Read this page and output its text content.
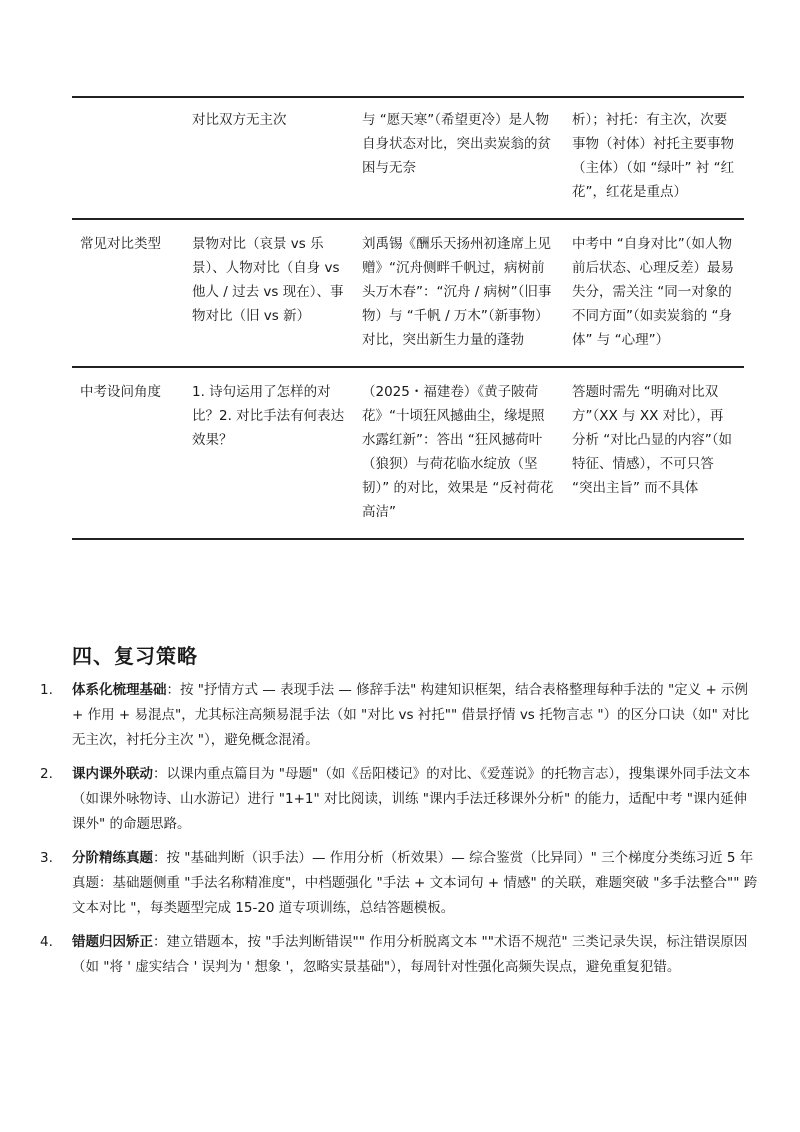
	对比双方无主次	与 “愿天寒”（希望更冷）是人物自身状态对比，突出卖炭翁的贫困与无奈	析）；衬托：有主次，次要事物（衬体）衬托主要事物（主体）（如 “绿叶” 衬 “红花”，红花是重点）
常见对比类型	景物对比（哀景 vs 乐景）、人物对比（自身 vs 他人 / 过去 vs 现在）、事物对比（旧 vs 新）	刘禹锡《酬乐天扬州初逢席上见赠》“沉舟侧畔千帆过，病树前头万木春”：“沉舟 / 病树”（旧事物）与 “千帆 / 万木”（新事物）对比，突出新生力量的蓬勃	中考中 “自身对比”（如人物前后状态、心理反差）最易失分，需关注 “同一对象的不同方面”（如卖炭翁的 “身体” 与 “心理”）
中考设问角度	1. 诗句运用了怎样的对比？2. 对比手法有何表达效果？	（2025・福建卷）《黄子陂荷花》“十顷狂风撼曲尘，缘堤照水露红新”：答出 “狂风撼荷叶（狼狈）与荷花临水绽放（坚韧）” 的对比，效果是 “反衬荷花高洁”	答题时需先 “明确对比双方”（XX 与 XX 对比），再分析 “对比凸显的内容”（如特征、情感），不可只答 “突出主旨” 而不具体
四、复习策略
1. 体系化梳理基础：按 "抒情方式 — 表现手法 — 修辞手法" 构建知识框架，结合表格整理每种手法的 "定义 + 示例 + 作用 + 易混点"，尤其标注高频易混手法（如 "对比 vs 衬托"" 借景抒情 vs 托物言志 "）的区分口诀（如" 对比无主次，衬托分主次 "），避免概念混淆。
2. 课内课外联动：以课内重点篇目为 "母题"（如《岳阳楼记》的对比、《爱莲说》的托物言志），搜集课外同手法文本（如课外咏物诗、山水游记）进行 "1+1" 对比阅读，训练 "课内手法迁移课外分析" 的能力，适配中考 "课内延伸课外" 的命题思路。
3. 分阶精练真题：按 "基础判断（识手法）— 作用分析（析效果）— 综合鉴赏（比异同）" 三个梯度分类练习近 5 年真题：基础题侧重 "手法名称精准度"，中档题强化 "手法 + 文本词句 + 情感" 的关联，难题突破 "多手法整合"" 跨文本对比 "，每类题型完成 15-20 道专项训练，总结答题模板。
4. 错题归因矫正：建立错题本，按 "手法判断错误"" 作用分析脱离文本 ""术语不规范" 三类记录失误，标注错误原因（如 "将 ' 虚实结合 ' 误判为 ' 想象 '，忽略实景基础"），每周针对性强化高频失误点，避免重复犯错。
